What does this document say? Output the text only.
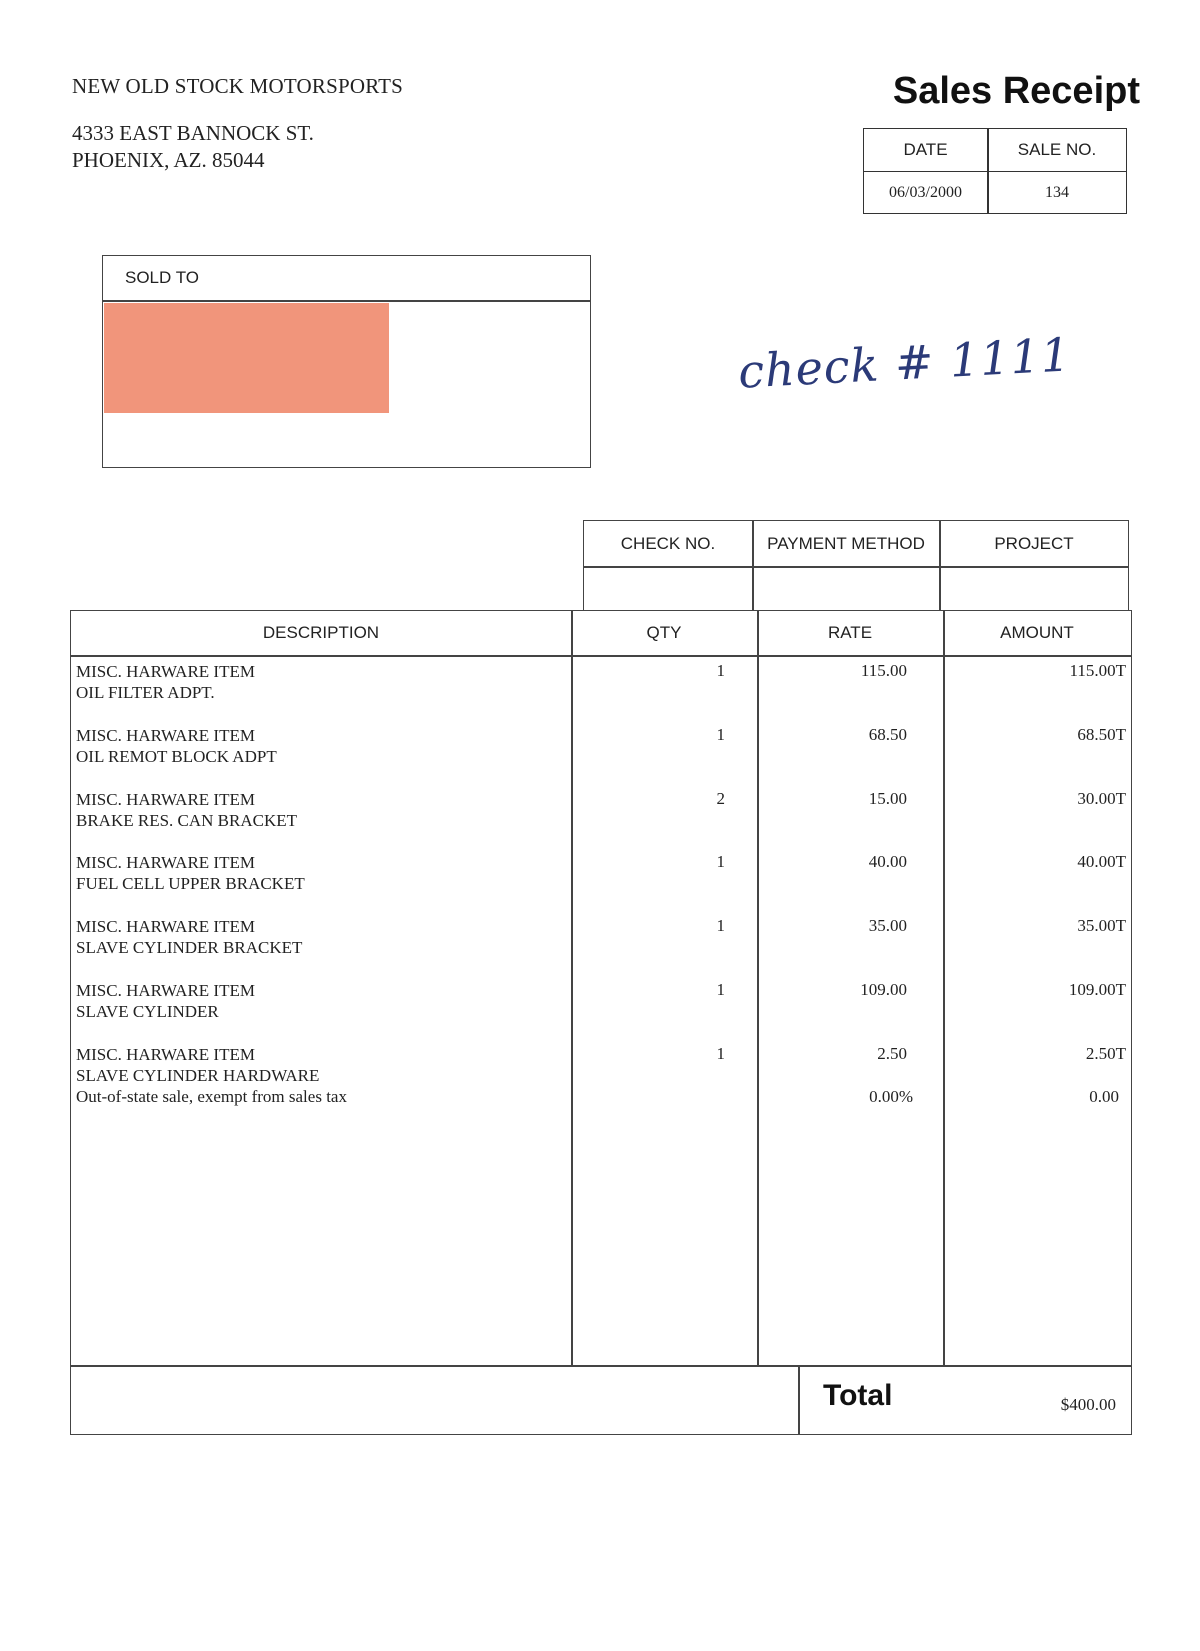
NEW OLD STOCK MOTORSPORTS
4333 EAST BANNOCK ST.
PHOENIX, AZ. 85044
Sales Receipt
DATE	SALE NO.
06/03/2000	134
SOLD TO
check # 1111
CHECK NO.	PAYMENT METHOD	PROJECT
DESCRIPTION	QTY	RATE	AMOUNT
MISC. HARWARE ITEM
OIL FILTER ADPT.
1	115.00	115.00T
MISC. HARWARE ITEM
OIL REMOT BLOCK ADPT
1	68.50	68.50T
MISC. HARWARE ITEM
BRAKE RES. CAN BRACKET
2	15.00	30.00T
MISC. HARWARE ITEM
FUEL CELL UPPER BRACKET
1	40.00	40.00T
MISC. HARWARE ITEM
SLAVE CYLINDER BRACKET
1	35.00	35.00T
MISC. HARWARE ITEM
SLAVE CYLINDER
1	109.00	109.00T
MISC. HARWARE ITEM
SLAVE CYLINDER HARDWARE
1	2.50	2.50T
Out-of-state sale, exempt from sales tax	0.00%	0.00
Total	$400.00
